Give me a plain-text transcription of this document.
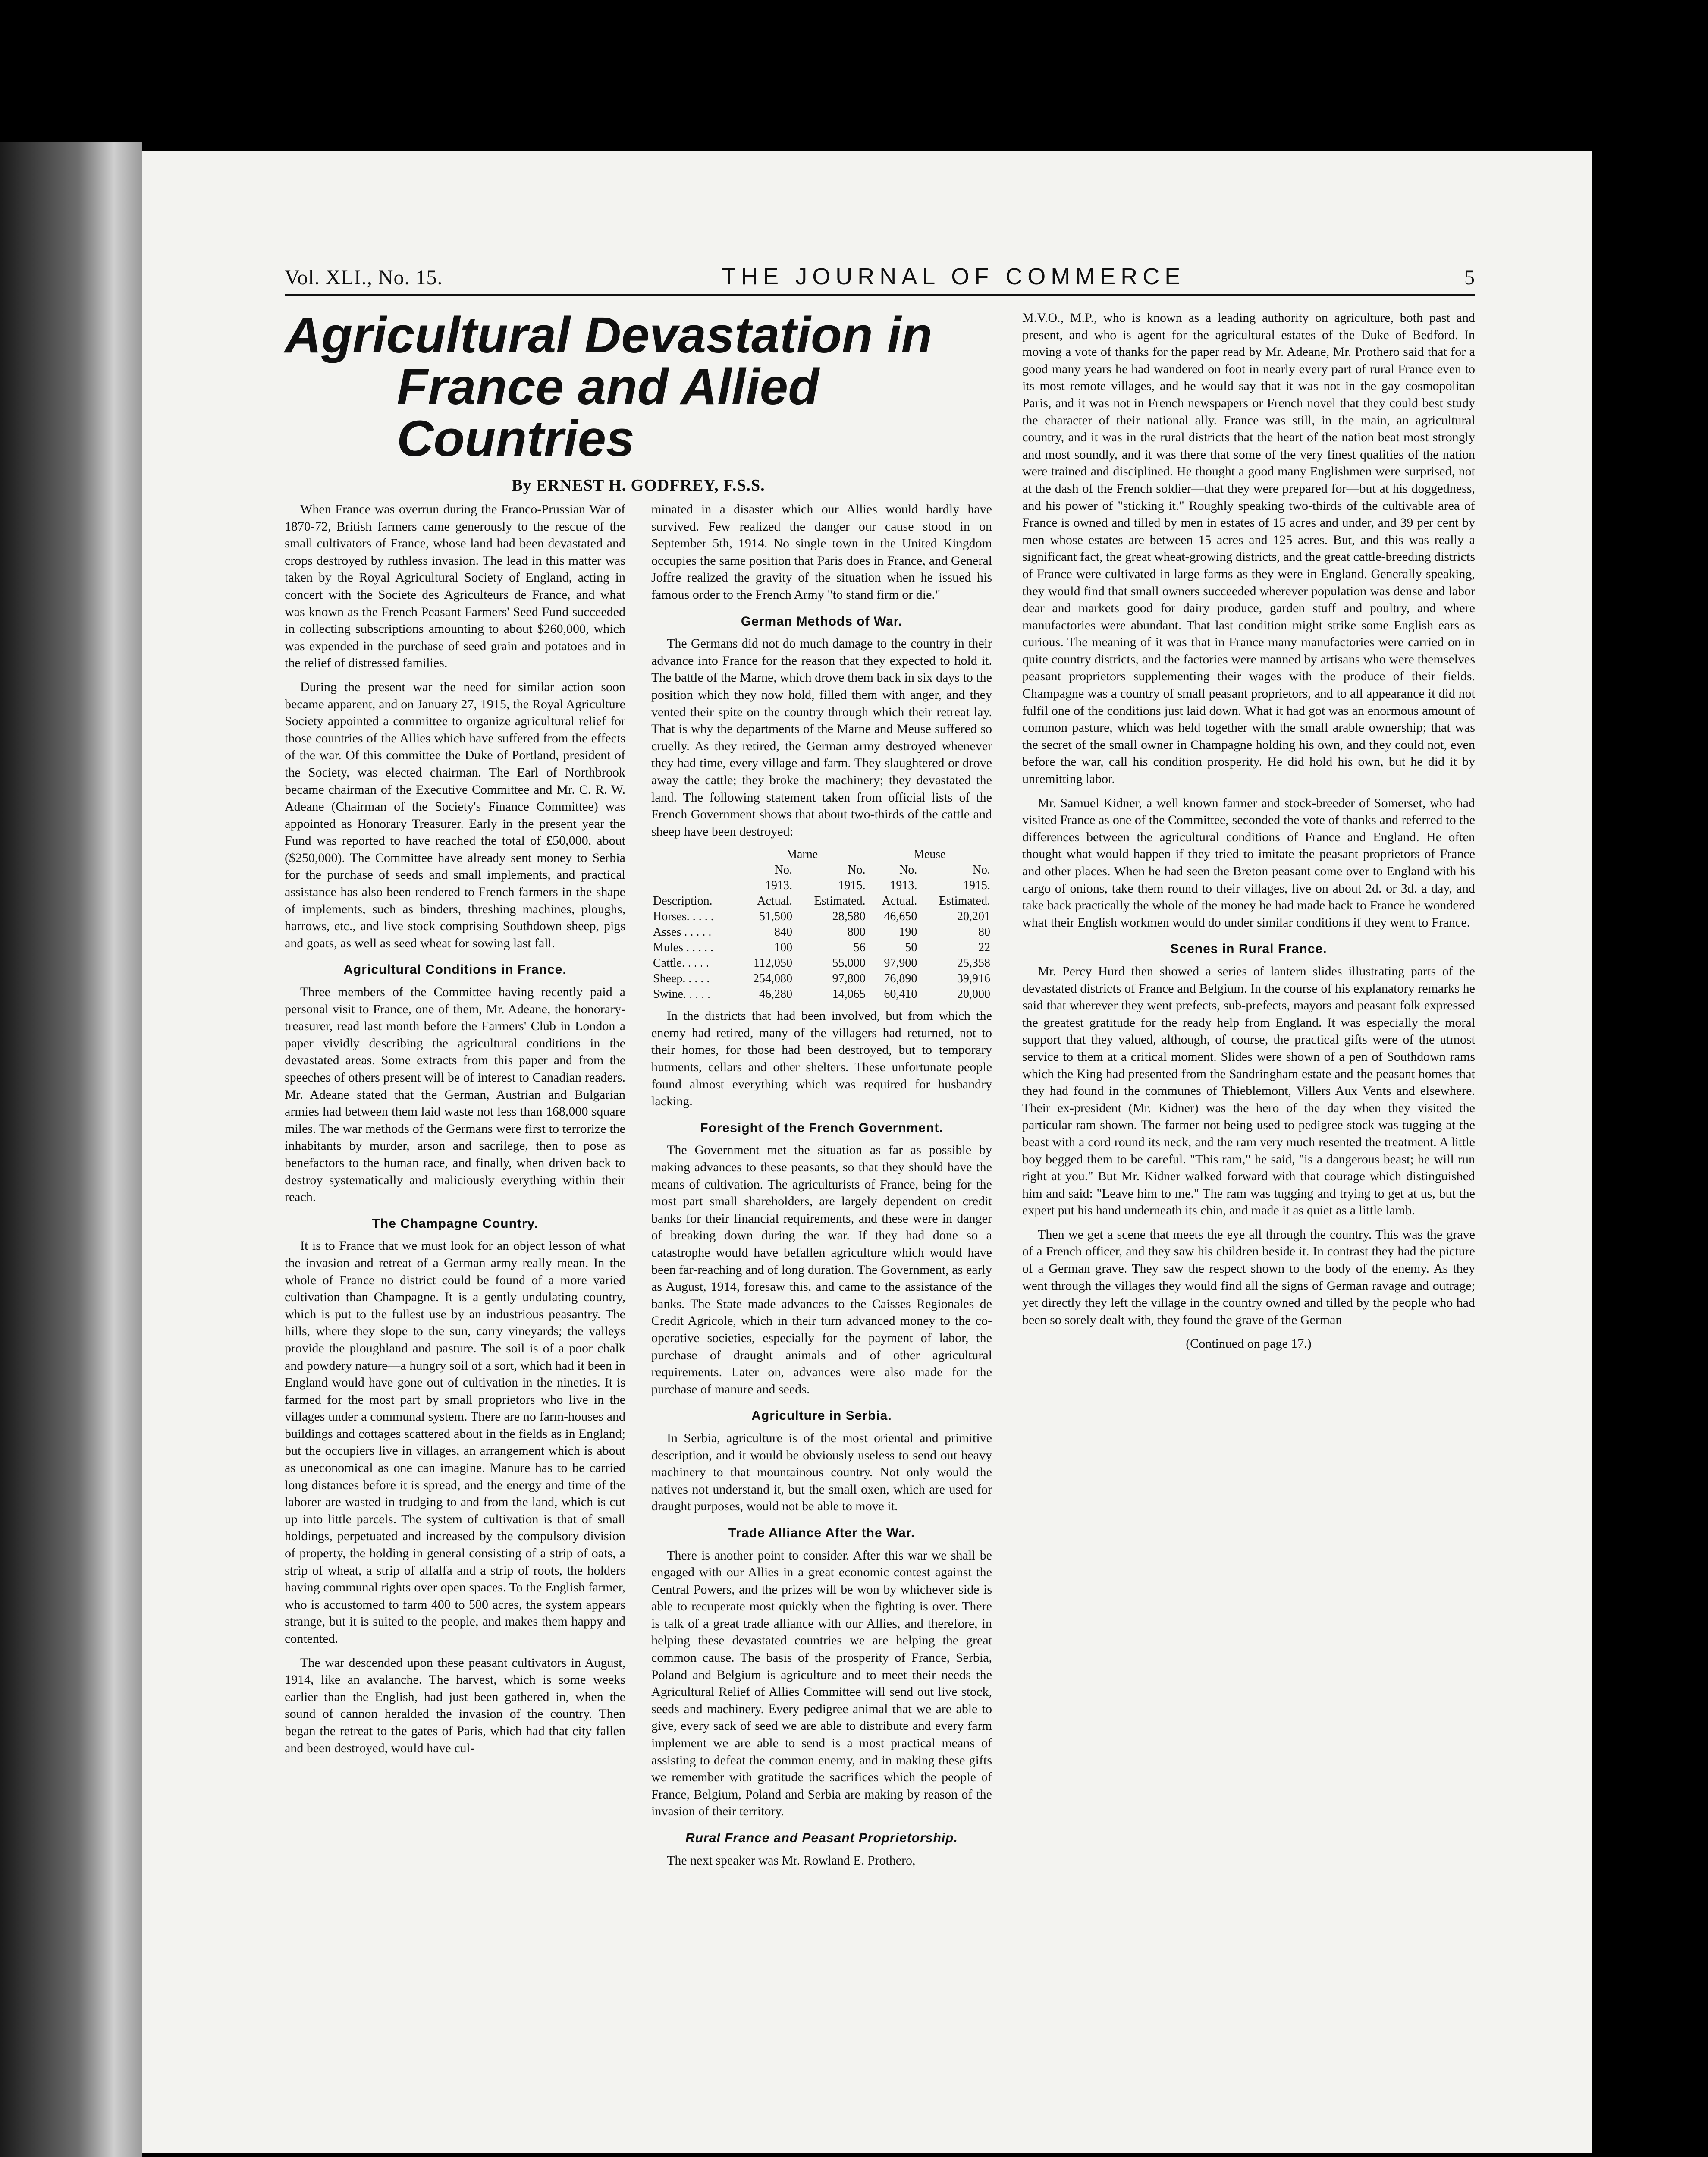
Vol. XLI., No. 15.	THE JOURNAL OF COMMERCE	5
Agricultural Devastation in
France and Allied Countries
By ERNEST H. GODFREY, F.S.S.

When France was overrun during the Franco-Prussian War of 1870-72, British farmers came generously to the rescue of the small cultivators of France, whose land had been devastated and crops destroyed by ruthless invasion. The lead in this matter was taken by the Royal Agricultural Society of England, acting in concert with the Societe des Agriculteurs de France, and what was known as the French Peasant Farmers' Seed Fund succeeded in collecting subscriptions amounting to about $260,000, which was expended in the purchase of seed grain and potatoes and in the relief of distressed families.

During the present war the need for similar action soon became apparent, and on January 27, 1915, the Royal Agriculture Society appointed a committee to organize agricultural relief for those countries of the Allies which have suffered from the effects of the war. Of this committee the Duke of Portland, president of the Society, was elected chairman. The Earl of Northbrook became chairman of the Executive Committee and Mr. C. R. W. Adeane (Chairman of the Society's Finance Committee) was appointed as Honorary Treasurer. Early in the present year the Fund was reported to have reached the total of £50,000, about ($250,000). The Committee have already sent money to Serbia for the purchase of seeds and small implements, and practical assistance has also been rendered to French farmers in the shape of implements, such as binders, threshing machines, ploughs, harrows, etc., and live stock comprising Southdown sheep, pigs and goats, as well as seed wheat for sowing last fall.

Agricultural Conditions in France.

Three members of the Committee having recently paid a personal visit to France, one of them, Mr. Adeane, the honorary-treasurer, read last month before the Farmers' Club in London a paper vividly describing the agricultural conditions in the devastated areas. Some extracts from this paper and from the speeches of others present will be of interest to Canadian readers. Mr. Adeane stated that the German, Austrian and Bulgarian armies had between them laid waste not less than 168,000 square miles. The war methods of the Germans were first to terrorize the inhabitants by murder, arson and sacrilege, then to pose as benefactors to the human race, and finally, when driven back to destroy systematically and maliciously everything within their reach.

The Champagne Country.

It is to France that we must look for an object lesson of what the invasion and retreat of a German army really mean. In the whole of France no district could be found of a more varied cultivation than Champagne. It is a gently undulating country, which is put to the fullest use by an industrious peasantry. The hills, where they slope to the sun, carry vineyards; the valleys provide the ploughland and pasture. The soil is of a poor chalk and powdery nature—a hungry soil of a sort, which had it been in England would have gone out of cultivation in the nineties. It is farmed for the most part by small proprietors who live in the villages under a communal system. There are no farm-houses and buildings and cottages scattered about in the fields as in England; but the occupiers live in villages, an arrangement which is about as uneconomical as one can imagine. Manure has to be carried long distances before it is spread, and the energy and time of the laborer are wasted in trudging to and from the land, which is cut up into little parcels. The system of cultivation is that of small holdings, perpetuated and increased by the compulsory division of property, the holding in general consisting of a strip of oats, a strip of wheat, a strip of alfalfa and a strip of roots, the holders having communal rights over open spaces. To the English farmer, who is accustomed to farm 400 to 500 acres, the system appears strange, but it is suited to the people, and makes them happy and contented.

The war descended upon these peasant cultivators in August, 1914, like an avalanche. The harvest, which is some weeks earlier than the English, had just been gathered in, when the sound of cannon heralded the invasion of the country. Then began the retreat to the gates of Paris, which had that city fallen and been destroyed, would have cul-

minated in a disaster which our Allies would hardly have survived. Few realized the danger our cause stood in on September 5th, 1914. No single town in the United Kingdom occupies the same position that Paris does in France, and General Joffre realized the gravity of the situation when he issued his famous order to the French Army "to stand firm or die."

German Methods of War.

The Germans did not do much damage to the country in their advance into France for the reason that they expected to hold it. The battle of the Marne, which drove them back in six days to the position which they now hold, filled them with anger, and they vented their spite on the country through which their retreat lay. That is why the departments of the Marne and Meuse suffered so cruelly. As they retired, the German army destroyed whenever they had time, every village and farm. They slaughtered or drove away the cattle; they broke the machinery; they devastated the land. The following statement taken from official lists of the French Government shows that about two-thirds of the cattle and sheep have been destroyed:

	—— Marne ——		—— Meuse ——	
	No.	No.	No.	No.
	1913.	1915.	1913.	1915.
Description.	Actual.	Estimated.	Actual.	Estimated.
Horses. . . . .	51,500	28,580	46,650	20,201
Asses . . . . .	840	800	190	80
Mules . . . . .	100	56	50	22
Cattle. . . . .	112,050	55,000	97,900	25,358
Sheep. . . . .	254,080	97,800	76,890	39,916
Swine. . . . .	46,280	14,065	60,410	20,000

In the districts that had been involved, but from which the enemy had retired, many of the villagers had returned, not to their homes, for those had been destroyed, but to temporary hutments, cellars and other shelters. These unfortunate people found almost everything which was required for husbandry lacking.

Foresight of the French Government.

The Government met the situation as far as possible by making advances to these peasants, so that they should have the means of cultivation. The agriculturists of France, being for the most part small shareholders, are largely dependent on credit banks for their financial requirements, and these were in danger of breaking down during the war. If they had done so a catastrophe would have befallen agriculture which would have been far-reaching and of long duration. The Government, as early as August, 1914, foresaw this, and came to the assistance of the banks. The State made advances to the Caisses Regionales de Credit Agricole, which in their turn advanced money to the co-operative societies, especially for the payment of labor, the purchase of draught animals and of other agricultural requirements. Later on, advances were also made for the purchase of manure and seeds.

Agriculture in Serbia.

In Serbia, agriculture is of the most oriental and primitive description, and it would be obviously useless to send out heavy machinery to that mountainous country. Not only would the natives not understand it, but the small oxen, which are used for draught purposes, would not be able to move it.

Trade Alliance After the War.

There is another point to consider. After this war we shall be engaged with our Allies in a great economic contest against the Central Powers, and the prizes will be won by whichever side is able to recuperate most quickly when the fighting is over. There is talk of a great trade alliance with our Allies, and therefore, in helping these devastated countries we are helping the great common cause. The basis of the prosperity of France, Serbia, Poland and Belgium is agriculture and to meet their needs the Agricultural Relief of Allies Committee will send out live stock, seeds and machinery. Every pedigree animal that we are able to give, every sack of seed we are able to distribute and every farm implement we are able to send is a most practical means of assisting to defeat the common enemy, and in making these gifts we remember with gratitude the sacrifices which the people of France, Belgium, Poland and Serbia are making by reason of the invasion of their territory.

Rural France and Peasant Proprietorship.

The next speaker was Mr. Rowland E. Prothero,

M.V.O., M.P., who is known as a leading authority on agriculture, both past and present, and who is agent for the agricultural estates of the Duke of Bedford. In moving a vote of thanks for the paper read by Mr. Adeane, Mr. Prothero said that for a good many years he had wandered on foot in nearly every part of rural France even to its most remote villages, and he would say that it was not in the gay cosmopolitan Paris, and it was not in French newspapers or French novel that they could best study the character of their national ally. France was still, in the main, an agricultural country, and it was in the rural districts that the heart of the nation beat most strongly and most soundly, and it was there that some of the very finest qualities of the nation were trained and disciplined. He thought a good many Englishmen were surprised, not at the dash of the French soldier—that they were prepared for—but at his doggedness, and his power of "sticking it." Roughly speaking two-thirds of the cultivable area of France is owned and tilled by men in estates of 15 acres and under, and 39 per cent by men whose estates are between 15 acres and 125 acres. But, and this was really a significant fact, the great wheat-growing districts, and the great cattle-breeding districts of France were cultivated in large farms as they were in England. Generally speaking, they would find that small owners succeeded wherever population was dense and labor dear and markets good for dairy produce, garden stuff and poultry, and where manufactories were abundant. That last condition might strike some English ears as curious. The meaning of it was that in France many manufactories were carried on in quite country districts, and the factories were manned by artisans who were themselves peasant proprietors supplementing their wages with the produce of their fields. Champagne was a country of small peasant proprietors, and to all appearance it did not fulfil one of the conditions just laid down. What it had got was an enormous amount of common pasture, which was held together with the small arable ownership; that was the secret of the small owner in Champagne holding his own, and they could not, even before the war, call his condition prosperity. He did hold his own, but he did it by unremitting labor.

Mr. Samuel Kidner, a well known farmer and stock-breeder of Somerset, who had visited France as one of the Committee, seconded the vote of thanks and referred to the differences between the agricultural conditions of France and England. He often thought what would happen if they tried to imitate the peasant proprietors of France and other places. When he had seen the Breton peasant come over to England with his cargo of onions, take them round to their villages, live on about 2d. or 3d. a day, and take back practically the whole of the money he had made back to France he wondered what their English workmen would do under similar conditions if they went to France.

Scenes in Rural France.

Mr. Percy Hurd then showed a series of lantern slides illustrating parts of the devastated districts of France and Belgium. In the course of his explanatory remarks he said that wherever they went prefects, sub-prefects, mayors and peasant folk expressed the greatest gratitude for the ready help from England. It was especially the moral support that they valued, although, of course, the practical gifts were of the utmost service to them at a critical moment. Slides were shown of a pen of Southdown rams which the King had presented from the Sandringham estate and the peasant homes that they had found in the communes of Thieblemont, Villers Aux Vents and elsewhere. Their ex-president (Mr. Kidner) was the hero of the day when they visited the particular ram shown. The farmer not being used to pedigree stock was tugging at the beast with a cord round its neck, and the ram very much resented the treatment. A little boy begged them to be careful. "This ram," he said, "is a dangerous beast; he will run right at you." But Mr. Kidner walked forward with that courage which distinguished him and said: "Leave him to me." The ram was tugging and trying to get at us, but the expert put his hand underneath its chin, and made it as quiet as a little lamb.

Then we get a scene that meets the eye all through the country. This was the grave of a French officer, and they saw his children beside it. In contrast they had the picture of a German grave. They saw the respect shown to the body of the enemy. As they went through the villages they would find all the signs of German ravage and outrage; yet directly they left the village in the country owned and tilled by the people who had been so sorely dealt with, they found the grave of the German

(Continued on page 17.)
